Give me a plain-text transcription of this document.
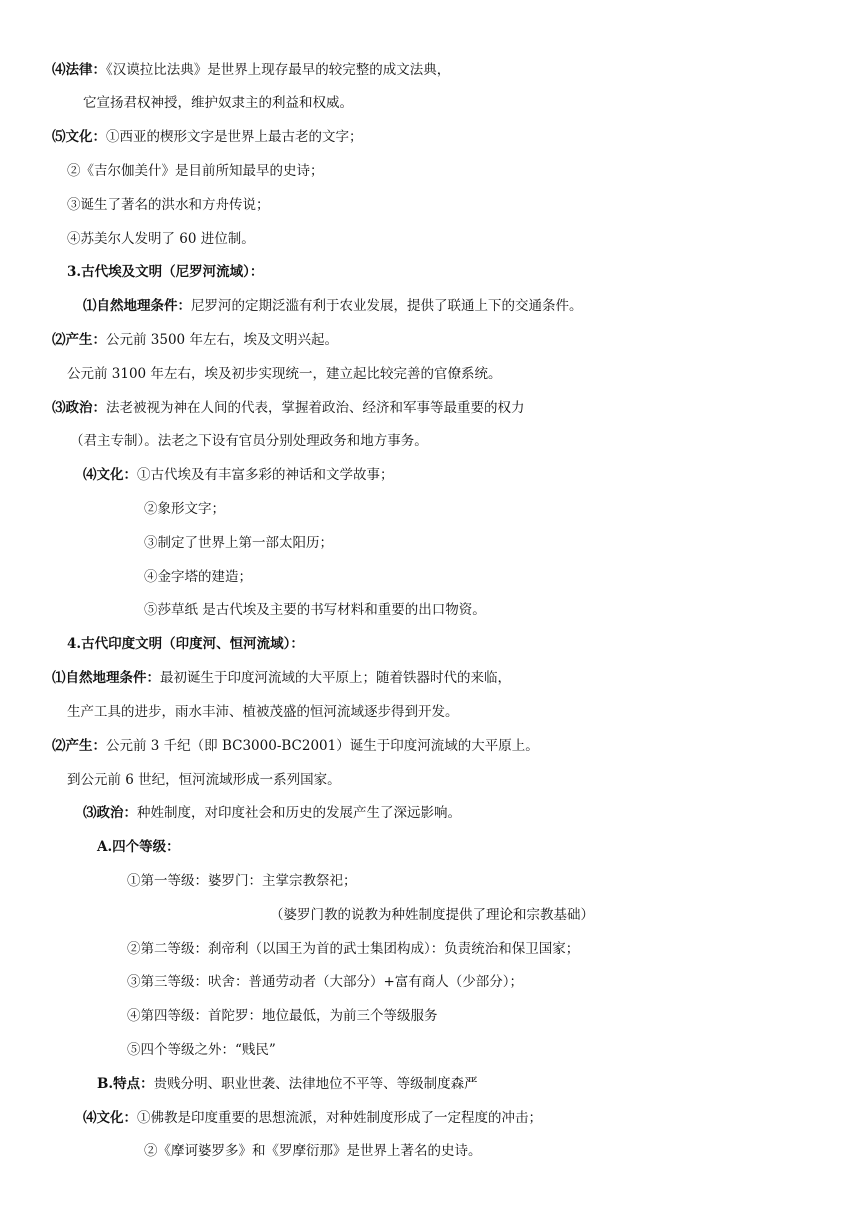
⑷法律：《汉谟拉比法典》是世界上现存最早的较完整的成文法典，
它宣扬君权神授，维护奴隶主的利益和权威。
⑸文化：①西亚的楔形文字是世界上最古老的文字；
②《吉尔伽美什》是目前所知最早的史诗；
③诞生了著名的洪水和方舟传说；
④苏美尔人发明了 60 进位制。
3.古代埃及文明（尼罗河流域）：
⑴自然地理条件：尼罗河的定期泛滥有利于农业发展，提供了联通上下的交通条件。
⑵产生：公元前 3500 年左右，埃及文明兴起。
公元前 3100 年左右，埃及初步实现统一，建立起比较完善的官僚系统。
⑶政治：法老被视为神在人间的代表，掌握着政治、经济和军事等最重要的权力
（君主专制）。法老之下设有官员分别处理政务和地方事务。
⑷文化：①古代埃及有丰富多彩的神话和文学故事；
②象形文字；
③制定了世界上第一部太阳历；
④金字塔的建造；
⑤莎草纸 是古代埃及主要的书写材料和重要的出口物资。
4.古代印度文明（印度河、恒河流域）：
⑴自然地理条件：最初诞生于印度河流域的大平原上；随着铁器时代的来临，
生产工具的进步，雨水丰沛、植被茂盛的恒河流域逐步得到开发。
⑵产生：公元前 3 千纪（即 BC3000-BC2001）诞生于印度河流域的大平原上。
到公元前 6 世纪，恒河流域形成一系列国家。
⑶政治：种姓制度，对印度社会和历史的发展产生了深远影响。
A.四个等级：
①第一等级：婆罗门：主掌宗教祭祀；
（婆罗门教的说教为种姓制度提供了理论和宗教基础）
②第二等级：刹帝利（以国王为首的武士集团构成）：负责统治和保卫国家；
③第三等级：吠舍：普通劳动者（大部分）+富有商人（少部分）；
④第四等级：首陀罗：地位最低，为前三个等级服务
⑤四个等级之外：“贱民”
B.特点：贵贱分明、职业世袭、法律地位不平等、等级制度森严
⑷文化：①佛教是印度重要的思想流派，对种姓制度形成了一定程度的冲击；
②《摩诃婆罗多》和《罗摩衍那》是世界上著名的史诗。
